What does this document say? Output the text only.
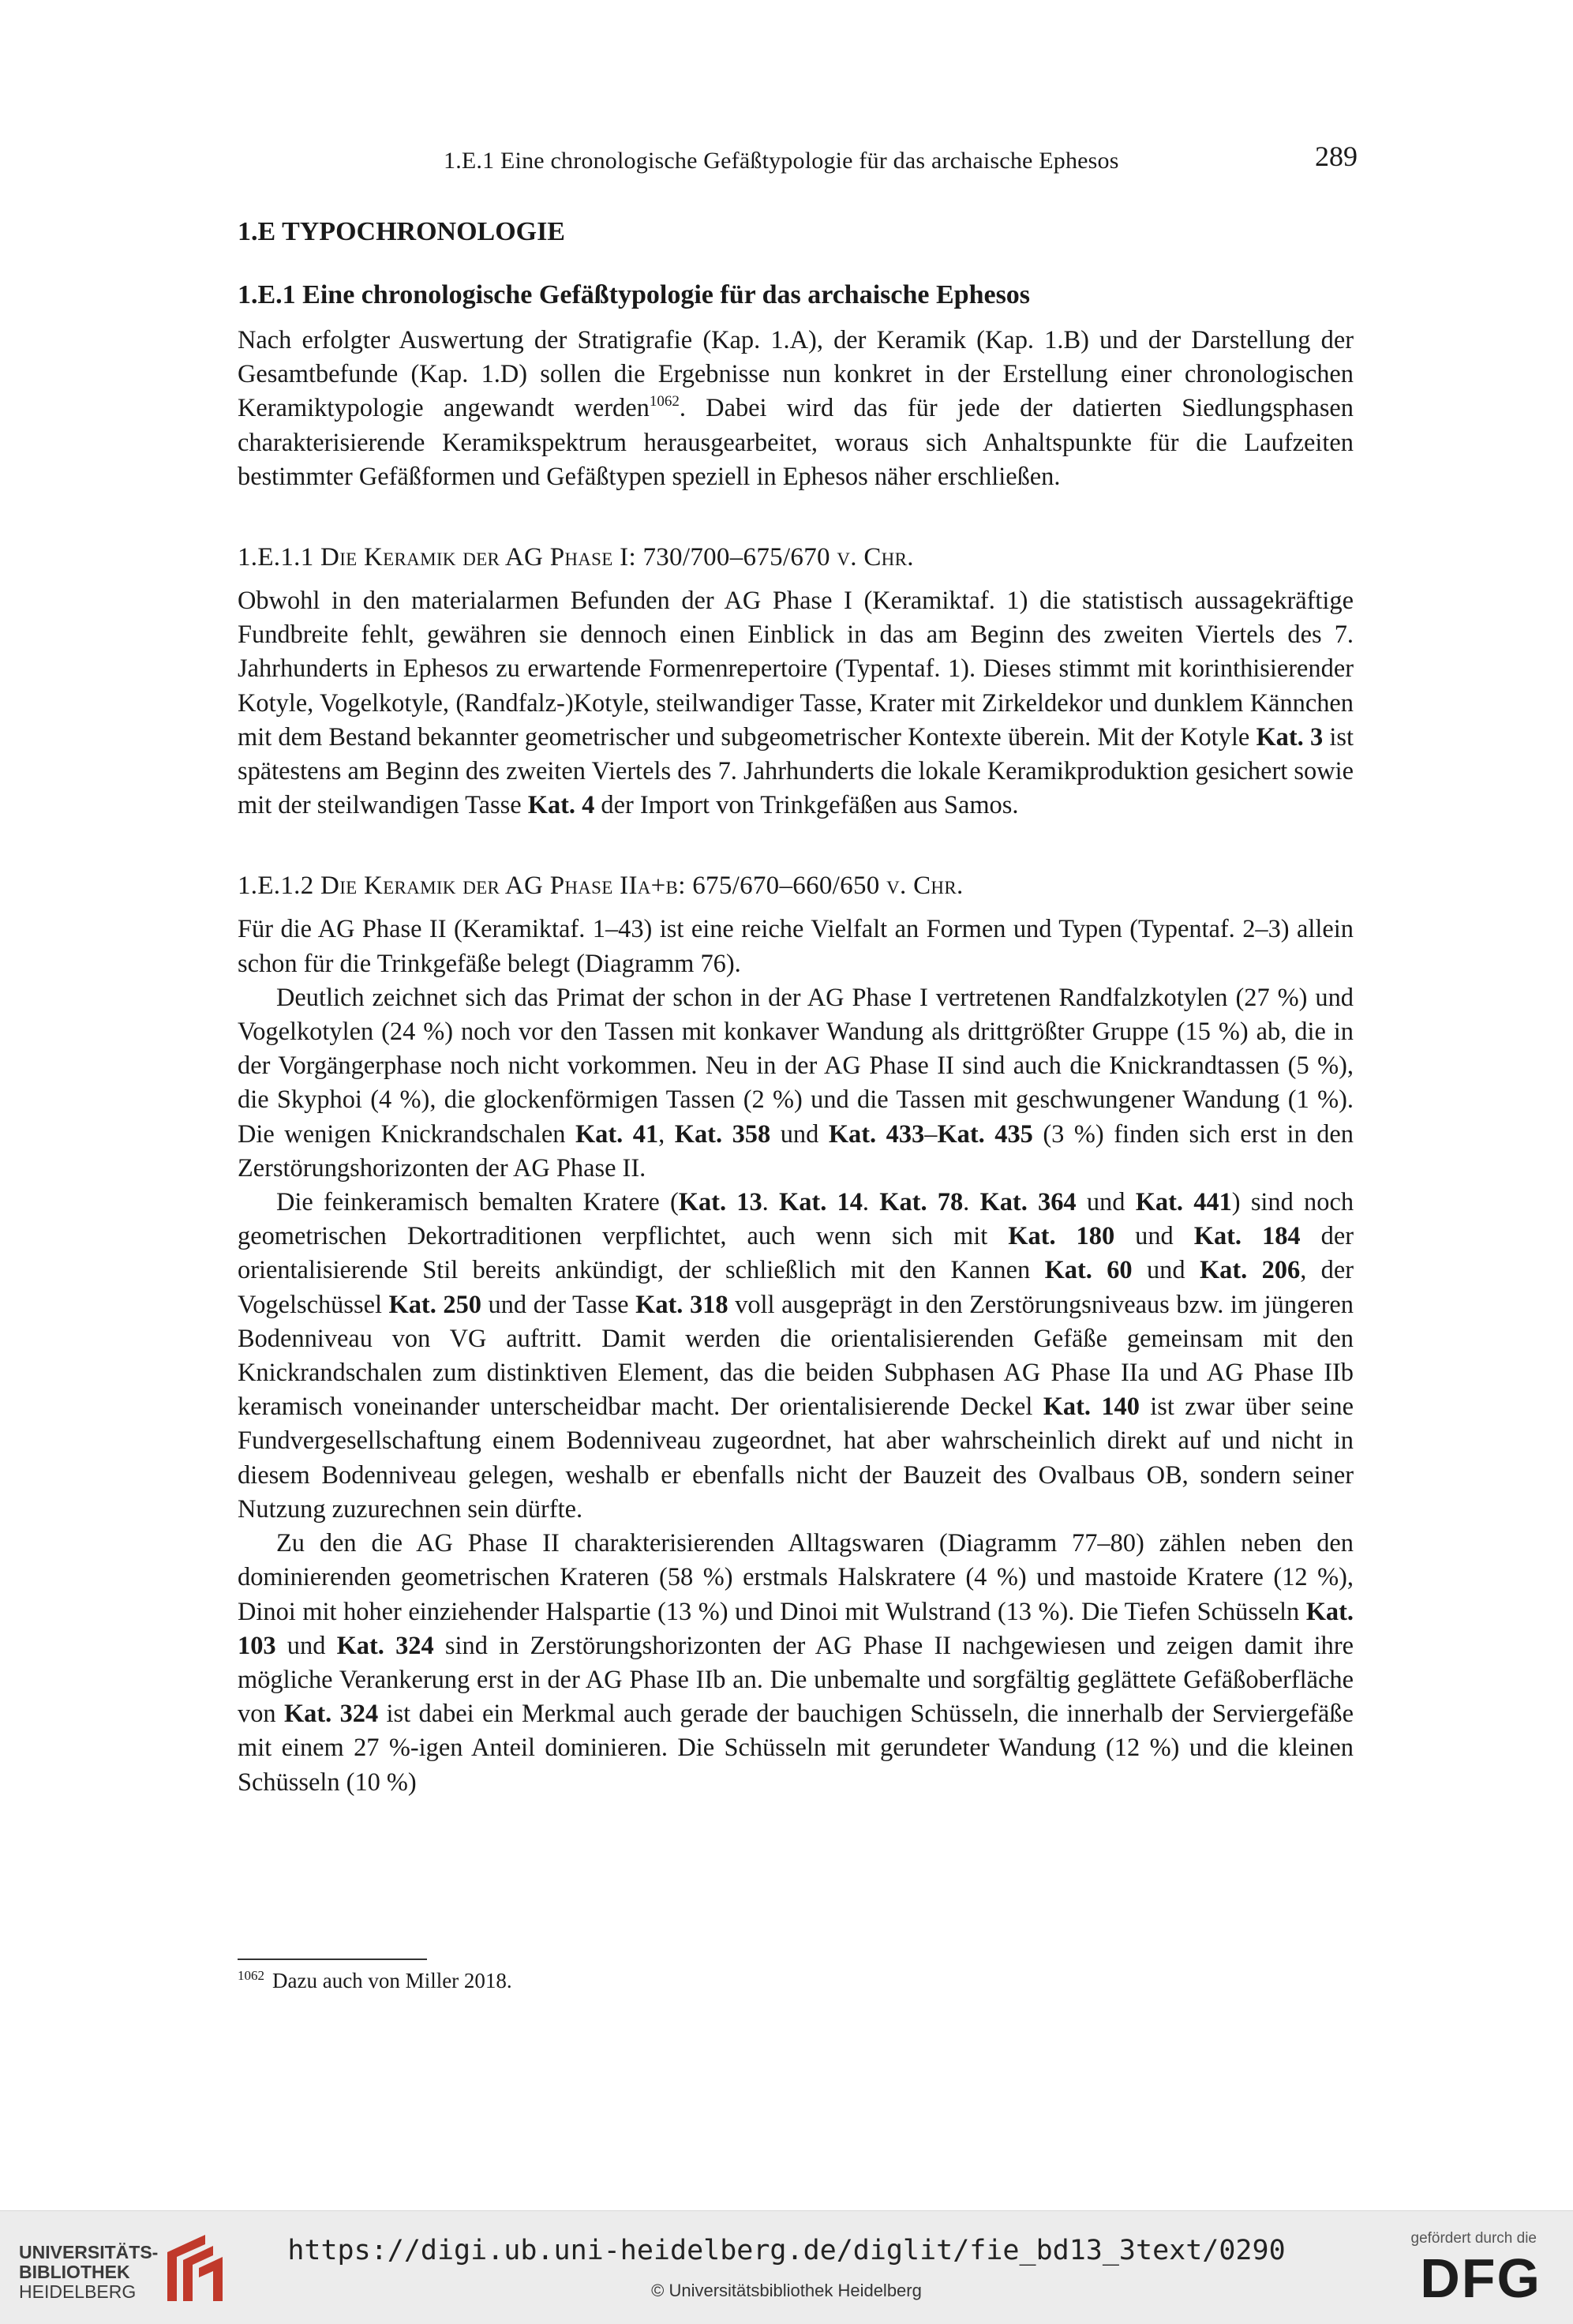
1.E.1 Eine chronologische Gefäßtypologie für das archaische Ephesos	289
1.E TYPOCHRONOLOGIE
1.E.1 Eine chronologische Gefäßtypologie für das archaische Ephesos

Nach erfolgter Auswertung der Stratigrafie (Kap. 1.A), der Keramik (Kap. 1.B) und der Darstellung der Gesamtbefunde (Kap. 1.D) sollen die Ergebnisse nun konkret in der Erstellung einer chronologischen Keramiktypologie angewandt werden$^{1062}$. Dabei wird das für jede der datierten Siedlungsphasen charakterisierende Keramikspektrum herausgearbeitet, woraus sich Anhaltspunkte für die Laufzeiten bestimmter Gefäßformen und Gefäßtypen speziell in Ephesos näher erschließen.

1.E.1.1 Die Keramik der AG Phase I: 730/700–675/670 v. Chr.

Obwohl in den materialarmen Befunden der AG Phase I (Keramiktaf. 1) die statistisch aussagekräftige Fundbreite fehlt, gewähren sie dennoch einen Einblick in das am Beginn des zweiten Viertels des 7. Jahrhunderts in Ephesos zu erwartende Formenrepertoire (Typentaf. 1). Dieses stimmt mit korinthisierender Kotyle, Vogelkotyle, (Randfalz-)Kotyle, steilwandiger Tasse, Krater mit Zirkeldekor und dunklem Kännchen mit dem Bestand bekannter geometrischer und subgeometrischer Kontexte überein. Mit der Kotyle Kat. 3 ist spätestens am Beginn des zweiten Viertels des 7. Jahrhunderts die lokale Keramikproduktion gesichert sowie mit der steilwandigen Tasse Kat. 4 der Import von Trinkgefäßen aus Samos.

1.E.1.2 Die Keramik der AG Phase IIa+b: 675/670–660/650 v. Chr.

Für die AG Phase II (Keramiktaf. 1–43) ist eine reiche Vielfalt an Formen und Typen (Typentaf. 2–3) allein schon für die Trinkgefäße belegt (Diagramm 76).

Deutlich zeichnet sich das Primat der schon in der AG Phase I vertretenen Randfalzkotylen (27 %) und Vogelkotylen (24 %) noch vor den Tassen mit konkaver Wandung als drittgrößter Gruppe (15 %) ab, die in der Vorgängerphase noch nicht vorkommen. Neu in der AG Phase II sind auch die Knickrandtassen (5 %), die Skyphoi (4 %), die glockenförmigen Tassen (2 %) und die Tassen mit geschwungener Wandung (1 %). Die wenigen Knickrandschalen Kat. 41, Kat. 358 und Kat. 433–Kat. 435 (3 %) finden sich erst in den Zerstörungshorizonten der AG Phase II.

Die feinkeramisch bemalten Kratere (Kat. 13. Kat. 14. Kat. 78. Kat. 364 und Kat. 441) sind noch geometrischen Dekortraditionen verpflichtet, auch wenn sich mit Kat. 180 und Kat. 184 der orientalisierende Stil bereits ankündigt, der schließlich mit den Kannen Kat. 60 und Kat. 206, der Vogelschüssel Kat. 250 und der Tasse Kat. 318 voll ausgeprägt in den Zerstörungsniveaus bzw. im jüngeren Bodenniveau von VG auftritt. Damit werden die orientalisierenden Gefäße gemeinsam mit den Knickrandschalen zum distinktiven Element, das die beiden Subphasen AG Phase IIa und AG Phase IIb keramisch voneinander unterscheidbar macht. Der orientalisierende Deckel Kat. 140 ist zwar über seine Fundvergesellschaftung einem Bodenniveau zugeordnet, hat aber wahrscheinlich direkt auf und nicht in diesem Bodenniveau gelegen, weshalb er ebenfalls nicht der Bauzeit des Ovalbaus OB, sondern seiner Nutzung zuzurechnen sein dürfte.

Zu den die AG Phase II charakterisierenden Alltagswaren (Diagramm 77–80) zählen neben den dominierenden geometrischen Krateren (58 %) erstmals Halskratere (4 %) und mastoide Kratere (12 %), Dinoi mit hoher einziehender Halspartie (13 %) und Dinoi mit Wulstrand (13 %). Die Tiefen Schüsseln Kat. 103 und Kat. 324 sind in Zerstörungshorizonten der AG Phase II nachgewiesen und zeigen damit ihre mögliche Verankerung erst in der AG Phase IIb an. Die unbemalte und sorgfältig geglättete Gefäßoberfläche von Kat. 324 ist dabei ein Merkmal auch gerade der bauchigen Schüsseln, die innerhalb der Serviergefäße mit einem 27 %-igen Anteil dominieren. Die Schüsseln mit gerundeter Wandung (12 %) und die kleinen Schüsseln (10 %)

$^{1062}$ Dazu auch von Miller 2018.
UNIVERSITÄTS-
BIBLIOTHEK
HEIDELBERG
https://digi.ub.uni-heidelberg.de/diglit/fie_bd13_3text/0290
© Universitätsbibliothek Heidelberg
gefördert durch die
DFG
